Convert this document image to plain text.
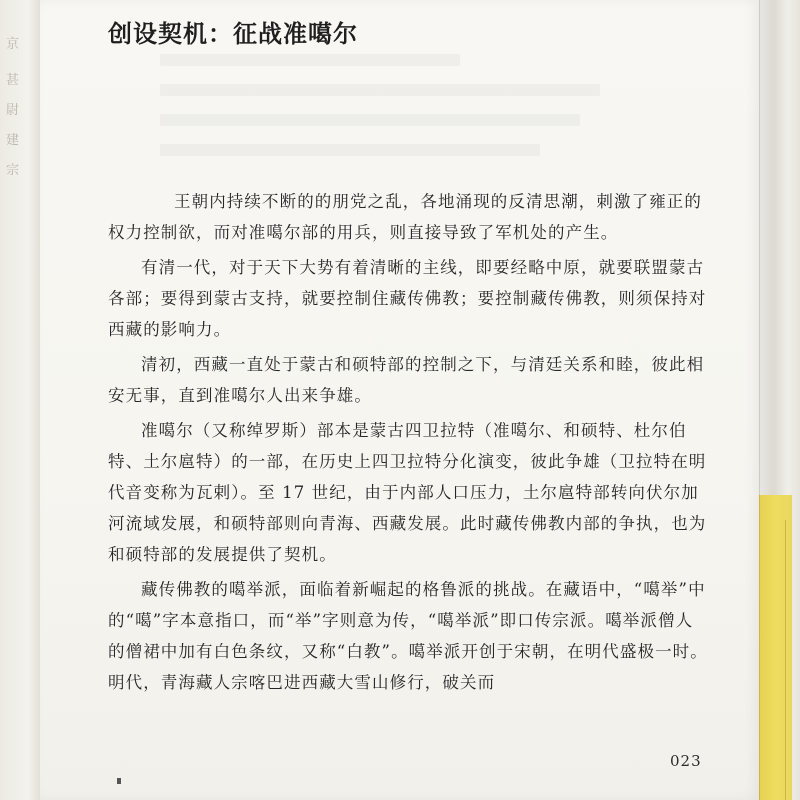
京
甚
尉
建
宗
创设契机：征战准噶尔

王朝内持续不断的的朋党之乱，各地涌现的反清思潮，刺激了雍正的权力控制欲，而对准噶尔部的用兵，则直接导致了军机处的产生。

有清一代，对于天下大势有着清晰的主线，即要经略中原，就要联盟蒙古各部；要得到蒙古支持，就要控制住藏传佛教；要控制藏传佛教，则须保持对西藏的影响力。

清初，西藏一直处于蒙古和硕特部的控制之下，与清廷关系和睦，彼此相安无事，直到准噶尔人出来争雄。

准噶尔（又称绰罗斯）部本是蒙古四卫拉特（准噶尔、和硕特、杜尔伯特、土尔扈特）的一部，在历史上四卫拉特分化演变，彼此争雄（卫拉特在明代音变称为瓦剌）。至 17 世纪，由于内部人口压力，土尔扈特部转向伏尔加河流域发展，和硕特部则向青海、西藏发展。此时藏传佛教内部的争执，也为和硕特部的发展提供了契机。

藏传佛教的噶举派，面临着新崛起的格鲁派的挑战。在藏语中，“噶举”中的“噶”字本意指口，而“举”字则意为传，“噶举派”即口传宗派。噶举派僧人的僧裙中加有白色条纹，又称“白教”。噶举派开创于宋朝，在明代盛极一时。明代，青海藏人宗喀巴进西藏大雪山修行，破关而

023
